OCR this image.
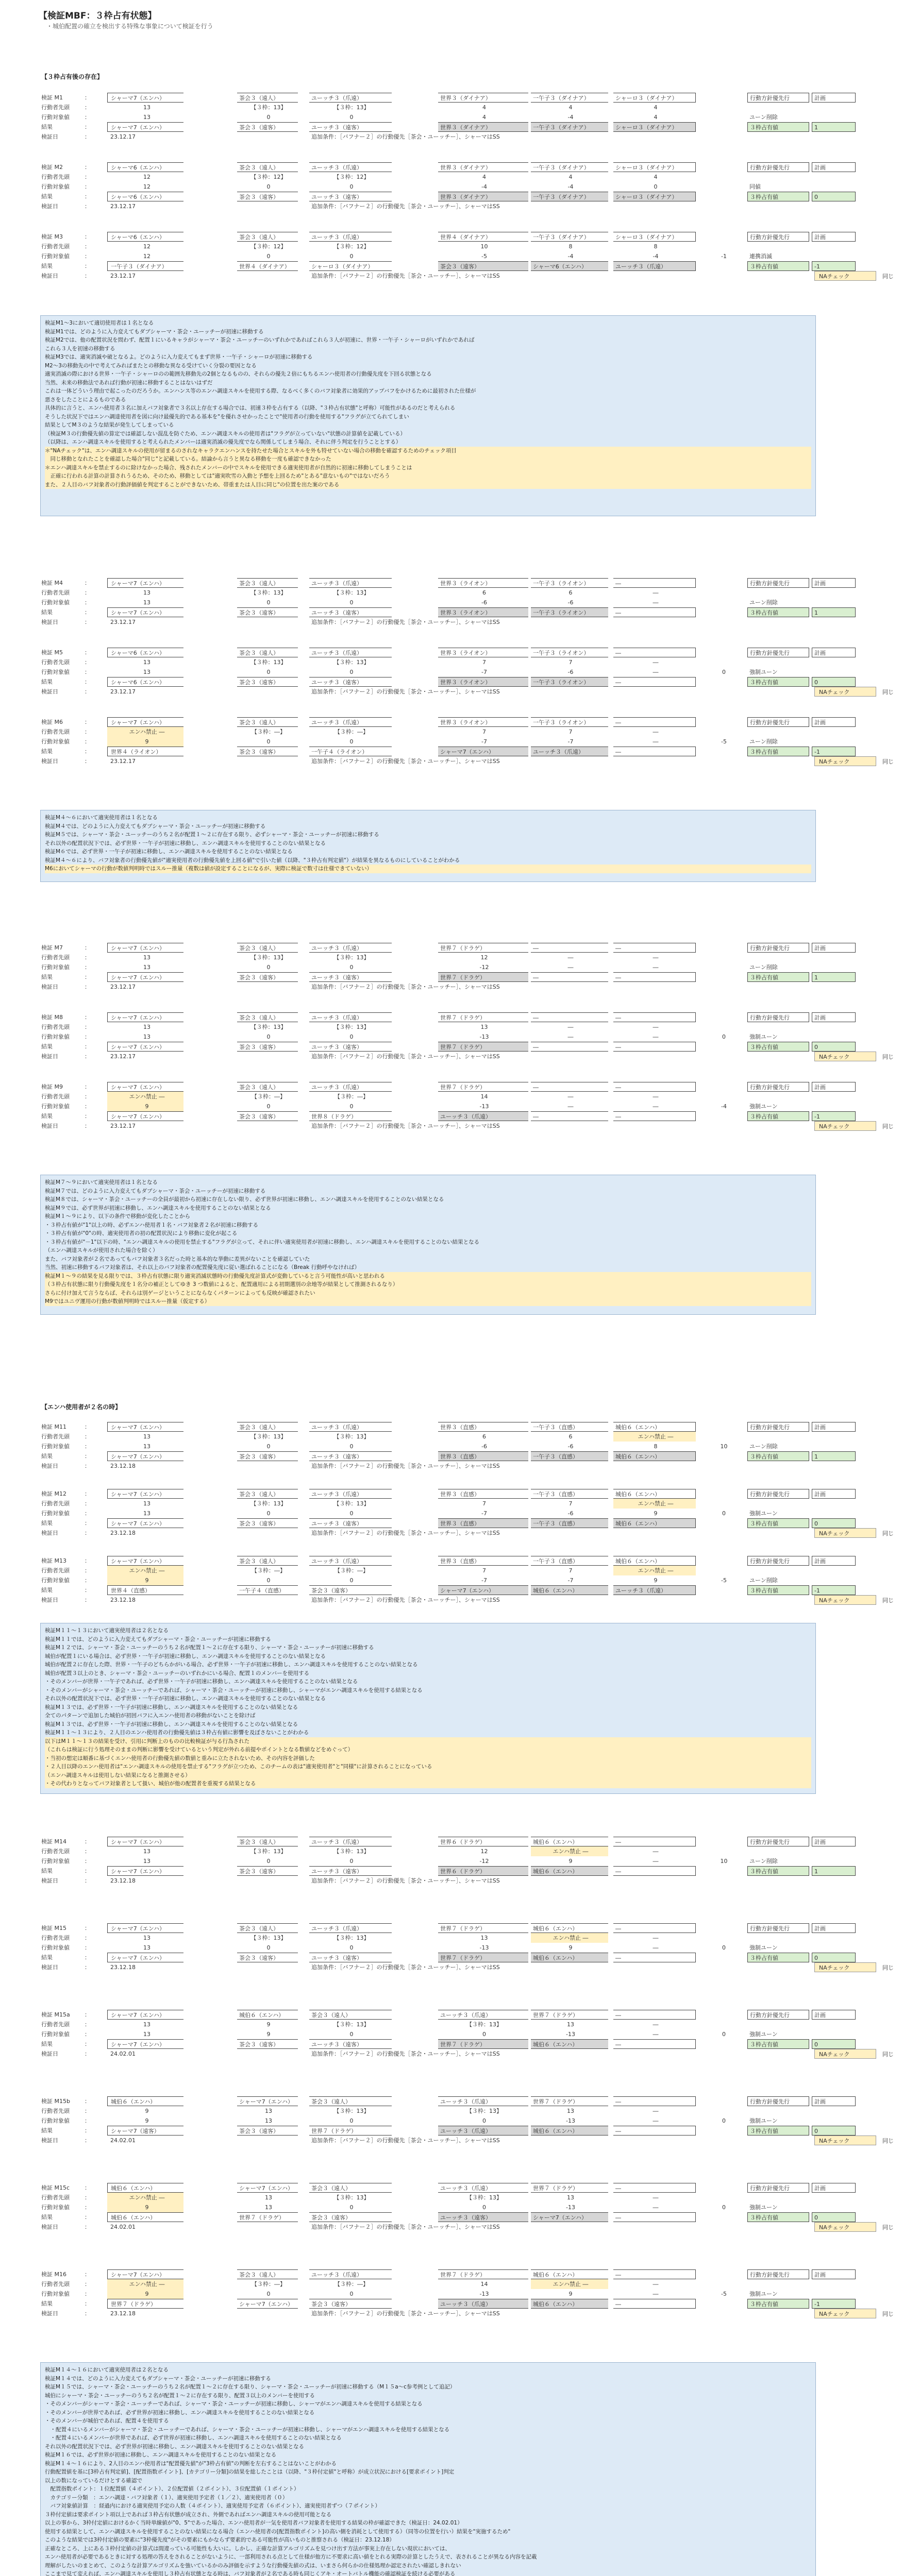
【検証MBF：３枠占有状態】
・城伯配置の確立を検出する特殊な事象について検証を行う
【３枠占有後の存在】
検証M1～3において適切使用者は１名となる
検証M1では、どのように入力変えてもダブシャーマ・茶会・ユーッチーが初速に移動する
検証M2では、他の配置状況を問わず、配置１にいるキャラがシャーマ・茶会・ユーッチーのいずれかであればこれら３人が初速に、世界・一午子・シャーロがいずれかであれば
これら３人を初速の移動する
検証M3では、適実消滅や破となるよ。どのように入力変えてもまず世界・一午子・シャーロが初速に移動する
M2～3の移動先の中で考えてみればまたとの移動な異なる受けていく分裂の要因となる
適実消滅の際における世界・一午子・シャーロのの範囲先移動先の2個となるものの、それらの優先２倍にもちるエンハ使用者の行動優先度を下回る状態となる
当然、未来の移動法であれば行動が初速に移動することはないはずだ
これは一体どういう理由で起こったのだろうか。エンハンス等のエンハ調達スキルを使用する際、なるべく多くのバフ対象者に効果的アップバフをかけるために最初された仕様が
悪さをしたことによるものである
具体的に言うと、エンハ使用者３名に加えバフ対象者で３名以上存在する場合では、初速３枠を占有する（以降、"３枠占有状態"と呼称）可能性があるのだと考えられる
そうした状況下ではエンハ調達使用者を図に向け最優先的である基本を"を優れさせかったことで"使用者の行動を使用する"フラグが立てられてしまい
結果としてM３のような結果が発生してしまっている
（検証M３の行動優先値の算定では確認しない混乱を防ぐため、エンハ調達スキルの使用者は"フラグが立っていない"状態の計算値を記載している）
（以降は、エンハ調達スキルを使用すると考えられたメンバーは適実消滅の優先度でなら関係してしまう場合、それに伴う判定を行うこととする）
＊"NAチェック"は、エンハ調達スキルの使用が留まるのされなキャラクエンハンスを持たせた場合とスキルを外も特せていない場合の移動を確認するためのチェック項目
　同じ移動となれたことを確認した場合"同じ"と記載している。結論から言うと異なる移動を一度も確認できなかった
＊エンハ調達スキルを禁止するのに除けなかった場合、残されたメンバーの中でスキルを使用できる適実使用者が自然的に初速に移動してしまうことは
　正確に行われる計算の計算されうるため、そのため、移動としては"適実吹雪の入動と予想を上回るため"とある"意ないもの"ではないだろう
また、２人目のバフ対象者の行動評価値を判定することができないため、帯重または人目に同じ"の位置を出た案のである
検証M４～６において適実使用者は１名となる
検証M４では、どのように入力変えてもダブシャーマ・茶会・ユーッチーが初速に移動する
検証M５では、シャーマ・茶会・ユーッチーのうち２名が配置１～２に存在する限り、必ずシャーマ・茶会・ユーッチーが初速に移動する
それ以外の配置状況下では、必ず世界・一午子が初速に移動し、エンハ調達スキルを使用することのない結果となる
検証M６では、必ず世界・一午子が初速に移動し、エンハ調達スキルを使用することのない結果となる
検証M４～６により、バフ対象者の行動優先値が"適実使用者の行動優先値を上回る値"で引いた値（以降、"３枠占有判定値"）が結果を異なるものにしていることがわかる
M6においてシャーマの行動が数値判明時ではスルー推量（複数は値が設定することになるが、実際に検証で数寸は仕様できていない）
検証M７～９において適実使用者は１名となる
検証M７では、どのように入力変えてもダブシャーマ・茶会・ユーッチーが初速に移動する
検証M８では、シャーマ・茶会・ユーッチーの全員が最初から初速に存在しない限り、必ず世界が初速に移動し、エンハ調達スキルを使用することのない結果となる
検証M９では、必ず世界が初速に移動し、エンハ調達スキルを使用することのない結果となる
検証M１～９により、以下の条件で移動が変化したことから
・３枠占有値が"1"以上の時、必ずエンハ使用者１名・バフ対象者２名が初速に移動する
・３枠占有値が"0"の時、適実使用者の初の配置状況により移動に変化が起こる
・３枠占有値が"－1"以下の時、"エンハ調達スキルの使用を禁止する"フラグが立って、それに伴い適実使用者が初速に移動し、エンハ調達スキルを使用することのない結果となる
（エンハ調達スキルが使用された場合を除く）
また、バフ対象者が２名であってもバフ対象者３名だった時と基本的な挙動に差異がないことを確認していた
当然、初速に移動するバフ対象者は、それ以上のバフ対象者の配置優先度に従い選ばれることになる（Break 行動呼やなければ）
検証M１～９の結果を見る限りでは、３枠占有状態に限り適実消滅状態時の行動優先度計算式が変動していると言う可能性が高いと思われる
（３枠占有状態に限り行動優先度を１名分の補正としてゆき 3 つ数値によると、配置適用による初期選別の余地等が結果として推測されるなり）
さらに付け加えて言うならば、それらは別ゲージということにならなくパターンによっても反映が確認されたい
M9ではユニヴ運用の行動が数値判明時ではスルー推量（仮定する）
【エンハ使用者が２名の時】
検証M１１～１３において適実使用者は２名となる
検証M１１では、どのように入力変えてもダブシャーマ・茶会・ユーッチーが初速に移動する
検証M１２では、シャーマ・茶会・ユーッチーのうち２名が配置１～２に存在する限り、シャーマ・茶会・ユーッチーが初速に移動する
城伯が配置１にいる場合は、必ず世界・一午子が初速に移動し、エンハ調達スキルを使用することのない結果となる
城伯が配置２に存在した際、世界・一午子のどちらかがいる場合、必ず世界・一午子が初速に移動し、エンハ調達スキルを使用することのない結果となる
城伯が配置３以上のとき、シャーマ・茶会・ユーッチーのいずれかにいる場合、配置１のメンバーを使用する
・そのメンバーが世界・一午子であれば、必ず世界・一午子が初速に移動し、エンハ調達スキルを使用することのない結果となる
・そのメンバーがシャーマ・茶会・ユーッチーであれば、シャーマ・茶会・ユーッチーが初速に移動し、シャーマがエンハ調達スキルを使用する結果となる
それ以外の配置状況下では、必ず世界・一午子が初速に移動し、エンハ調達スキルを使用することのない結果となる
検証M１３では、必ず世界・一午子が初速に移動し、エンハ調達スキルを使用することのない結果となる
全てのパターンで追加した城伯が初回バフに入エンハ使用者の移動がないことを除けば
検証M１３では、必ず世界・一午子が初速に移動し、エンハ調達スキルを使用することのない結果となる
検証M１１～１３により、２人目のエンハ使用者の行動優先値は３枠占有値に影響を及ぼさないことがわかる
以下はM１１～１３の結果を受け、引用に判断上のものの比較検証が与る行為された
（これらは検証に行う処理そのままの判断に影響を受けているという判定が外れる前提やポイントとなる数値などをめぐって）
・当初の想定は順番に基づくエンハ使用者の行動優先値の数値と重みに立たされないため、その内容を評価した
・２人目以降のエンハ使用者は"エンハ調達スキルの使用を禁止する"フラグが立つため、このチームの表は"適実使用者"と"同様"に計算されることになっている
（エンハ調達スキルは使用しない結果になると推測させる）
・その代わりとなってバフ対象者として扱い、城伯が他の配置者を重視する結果となる
検証M１４～１６において適実使用者は２名となる
検証M１４では、どのように入力変えてもダブシャーマ・茶会・ユーッチーが初速に移動する
検証M１５では、シャーマ・茶会・ユーッチーのうち２名が配置１～２に存在する限り、シャーマ・茶会・ユーッチーが初速に移動する（M１５a～c参考例として追記）
城伯にシャーマ・茶会・ユーッチーのうち２名が配置１～２に存在する限り、配置３以上のメンバーを使用する
・そのメンバーがシャーマ・茶会・ユーッチーであれば、シャーマ・茶会・ユーッチーが初速に移動し、シャーマがエンハ調達スキルを使用する結果となる
・そのメンバーが世界であれば、必ず世界が初速に移動し、エンハ調達スキルを使用することのない結果となる
・そのメンバーが城伯であれば、配置４を使用する
　・配置４にいるメンバーがシャーマ・茶会・ユーッチーであれば、シャーマ・茶会・ユーッチーが初速に移動し、シャーマがエンハ調達スキルを使用する結果となる
　・配置４にいるメンバーが世界であれば、必ず世界が初速に移動し、エンハ調達スキルを使用することのない結果となる
それ以外の配置状況下では、必ず世界が初速に移動し、エンハ調達スキルを使用することのない結果となる
検証M１６では、必ず世界が初速に移動し、エンハ調達スキルを使用することのない結果となる
検証M１４～１６により、2人目のエンハ使用者は"配置優先値"が"3枠占有値"の判断を左右することはないことがわかる
行動配置値を基に[3枠占有判定値]、[配置指数ポイント]、[カテゴリー分類]の結果を総したことは（以降、"３枠付定値"と呼称）が成立状況における[要求ポイント]判定
以上の数になっているだけとする確認で
　配置指数ポイント：１位配置値（４ポイント）、２位配置値（２ポイント）、３位配置値（１ポイント）
　カテゴリー分類　：エンハ調達・バフ対象者（１）、適実使用予定者（１／２）、適実使用者（０）
　バフ対象値計算　：経過内における適実使用予定の人数（４ポイント）、適実使用予定者（６ポイント）、適実使用者ずつ（７ポイント）
３枠付定値は要求ポイント項以上であれば３枠占有状態が成立され、外側であればエンハ調達スキルの使用可能となる
以上の事から、3枠付定値におけるかく当時単線値が"0、5"であった場合、エンハ使用者が一気を使用者バフ対象者を使用する結果の枠が確認できた（検証日：24.02.01）
使用する結果として、エンハ調達スキルを使用することのない結果になる場合（エンハ使用者の[配置指数ポイント]の高い側を消耗として使用する）（同等の位置を行い）結果を"実施するため"
このような結果では3枠付定値の要素に"3枠優先度"がその要素にもかならず要素的である可能性が高いものと推察される（検証日：23.12.18）
正確なところ、上にある３枠付定値の計算式は間違っている可能性も大いに。しかし、正確な計算アルゴリズムを見つけ出す方法が事実上存在しない現状においては、
エンハ使用者が必要であるときに対する処理の答えをされることがないように、一部利用される点として仕様が他方に不要求に高い値をとれる実際の計算としたうえで、表されることが異なる内容を記載
理解がしたいのまとめて、このような計算アルゴリズムを強いているかのみ評価を示すような行動優先値の式は、いまさら何らかの仕様処理か認定されたい確認しきれない
ここまで見て変えれば、エンハ調達スキルを使用し３枠占有状態となる時は、バフ対象者が２名である時も同じくアキ・オートバトル機能の確認検証を続ける必要がある
検証 M1	：	シャーマ7（エンハ）	茶会３（遠人）	ユーッチ３（爪遠）	世界３（ダイナア）	一午子３（ダイナア）	シャーロ３（ダイナア）	行動方針優先行	計画
行動者先頭	：	13	【３枠：13】	【３枠：13】	4	4	4
行動対象値	：	13	0	0	4	-4	4	ユーン削除
結果	：	シャーマ7（エンハ）	茶会３（遠客）	ユーッチ３（遠客）	世界３（ダイナア）	一午子３（ダイナア）	シャーロ３（ダイナア）	３枠占有値	1
検証日	：	23.12.17	追加条件：［バフナー２］の行動優先［茶会・ユーッチー］、シャーマはSS
検証 M2	：	シャーマ6（エンハ）	茶会３（遠人）	ユーッチ３（爪遠）	世界３（ダイナア）	一午子３（ダイナア）	シャーロ３（ダイナア）	行動方針優先行	計画
行動者先頭	：	12	【３枠：12】	【３枠：12】	4	4	4
行動対象値	：	12	0	0	-4	-4	0	同値
結果	：	シャーマ6（エンハ）	茶会３（遠客）	ユーッチ３（遠客）	世界３（ダイナア）	一午子３（ダイナア）	シャーロ３（ダイナア）	３枠占有値	0
検証日	：	23.12.17	追加条件：［バフナー２］の行動優先［茶会・ユーッチー］、シャーマはSS
検証 M3	：	シャーマ6（エンハ）	茶会３（遠人）	ユーッチ３（爪遠）	世界４（ダイナア）	一午子３（ダイナア）	シャーロ３（ダイナア）	行動方針優先行	計画
行動者先頭	：	12	【３枠：12】	【３枠：12】	10	8	8
行動対象値	：	12	0	0	-5	-4	-4	-1	連携消滅
結果	：	一午子３（ダイナア）	世界４（ダイナア）	シャーロ３（ダイナア）	茶会３（遠客）	シャーマ6（エンハ）	ユーッチ３（爪遠）	３枠占有値	-1
検証日	：	23.12.17	追加条件：［バフナー２］の行動優先［茶会・ユーッチー］、シャーマはSS
検証 M4	：	シャーマ7（エンハ）	茶会３（遠人）	ユーッチ３（爪遠）	世界３（ライオン）	一午子３（ライオン）	―	行動方針優先行	計画
行動者先頭	：	13	【３枠：13】	【３枠：13】	6	6	―
行動対象値	：	13	0	0	-6	-6	―	ユーン削除
結果	：	シャーマ7（エンハ）	茶会３（遠客）	ユーッチ３（遠客）	世界３（ライオン）	一午子３（ライオン）	―	３枠占有値	1
検証日	：	23.12.17	追加条件：［バフナー２］の行動優先［茶会・ユーッチー］、シャーマはSS
検証 M5	：	シャーマ6（エンハ）	茶会３（遠人）	ユーッチ３（爪遠）	世界３（ライオン）	一午子３（ライオン）	―	行動方針優先行	計画
行動者先頭	：	13	【３枠：13】	【３枠：13】	7	7	―
行動対象値	：	13	0	0	-7	-6	―	0	強制ユーン
結果	：	シャーマ6（エンハ）	茶会３（遠客）	ユーッチ３（遠客）	世界３（ライオン）	一午子３（ライオン）	―	３枠占有値	0
検証日	：	23.12.17	追加条件：［バフナー２］の行動優先［茶会・ユーッチー］、シャーマはSS	NAチェック	同じ
検証 M6	：	シャーマ7（エンハ）	茶会３（遠人）	ユーッチ３（爪遠）	世界３（ライオン）	一午子３（ライオン）	―	行動方針優先行	計画
行動者先頭	：	エンハ禁止 ―	【３枠：―】	【３枠：―】	7	7	―
行動対象値	：	9	0	0	-7	-7	―	-5	ユーン削除
結果	：	世界４（ライオン）	茶会３（遠客）	一午子４（ライオン）	シャーマ7（エンハ）	ユーッチ３（爪遠）	―	３枠占有値	-1
検証日	：	23.12.17	追加条件：［バフナー２］の行動優先［茶会・ユーッチー］、シャーマはSS	NAチェック	同じ
検証 M7	：	シャーマ7（エンハ）	茶会３（遠人）	ユーッチ３（爪遠）	世界７（ドラゲ）	―	―	行動方針優先行	計画
行動者先頭	：	13	【３枠：13】	【３枠：13】	12	―	―
行動対象値	：	13	0	0	-12	―	―	ユーン削除
結果	：	シャーマ7（エンハ）	茶会３（遠客）	ユーッチ３（遠客）	世界７（ドラゲ）	―	―	３枠占有値	1
検証日	：	23.12.17	追加条件：［バフナー２］の行動優先［茶会・ユーッチー］、シャーマはSS
検証 M8	：	シャーマ7（エンハ）	茶会３（遠人）	ユーッチ３（爪遠）	世界７（ドラゲ）	―	―	行動方針優先行	計画
行動者先頭	：	13	【３枠：13】	【３枠：13】	13	―	―
行動対象値	：	13	0	0	-13	―	―	0	強制ユーン
結果	：	シャーマ7（エンハ）	茶会３（遠客）	ユーッチ３（遠客）	世界７（ドラゲ）	―	―	３枠占有値	0
検証日	：	23.12.17	追加条件：［バフナー２］の行動優先［茶会・ユーッチー］、シャーマはSS	NAチェック	同じ
検証 M9	：	シャーマ7（エンハ）	茶会３（遠人）	ユーッチ３（爪遠）	世界７（ドラゲ）	―	―	行動方針優先行	計画
行動者先頭	：	エンハ禁止 ―	【３枠：―】	【３枠：―】	14	―	―
行動対象値	：	9	0	0	-13	―	―	-4	強制ユーン
結果	：	シャーマ7（エンハ）	茶会３（遠客）	世界８（ドラゲ）	ユーッチ３（爪遠）	―	―	３枠占有値	-1
検証日	：	23.12.17	追加条件：［バフナー２］の行動優先［茶会・ユーッチー］、シャーマはSS	NAチェック	同じ
検証 M11	：	シャーマ7（エンハ）	茶会３（遠人）	ユーッチ３（爪遠）	世界３（直感）	一午子３（直感）	城伯６（エンハ）	行動方針優先行	計画
行動者先頭	：	13	【３枠：13】	【３枠：13】	6	6	エンハ禁止 ―
行動対象値	：	13	0	0	-6	-6	8	10	ユーン削除
結果	：	シャーマ7（エンハ）	茶会３（遠客）	ユーッチ３（遠客）	世界３（直感）	一午子３（直感）	城伯６（エンハ）	３枠占有値	1
検証日	：	23.12.18	追加条件：［バフナー２］の行動優先［茶会・ユーッチー］、シャーマはSS
検証 M12	：	シャーマ7（エンハ）	茶会３（遠人）	ユーッチ３（爪遠）	世界３（直感）	一午子３（直感）	城伯６（エンハ）	行動方針優先行	計画
行動者先頭	：	13	【３枠：13】	【３枠：13】	7	7	エンハ禁止 ―
行動対象値	：	13	0	0	-7	-6	9	0	強制ユーン
結果	：	シャーマ7（エンハ）	茶会３（遠客）	ユーッチ３（遠客）	世界３（直感）	一午子３（直感）	城伯６（エンハ）	３枠占有値	0
検証日	：	23.12.18	追加条件：［バフナー２］の行動優先［茶会・ユーッチー］、シャーマはSS	NAチェック	同じ
検証 M13	：	シャーマ7（エンハ）	茶会３（遠人）	ユーッチ３（爪遠）	世界３（直感）	一午子３（直感）	城伯６（エンハ）	行動方針優先行	計画
行動者先頭	：	エンハ禁止 ―	【３枠：―】	【３枠：―】	7	7	エンハ禁止 ―
行動対象値	：	9	0	0	-7	-7	9	-5	ユーン削除
結果	：	世界４（直感）	一午子４（直感）	茶会３（遠客）	シャーマ7（エンハ）	城伯６（エンハ）	ユーッチ３（爪遠）	３枠占有値	-1
検証日	：	23.12.18	追加条件：［バフナー２］の行動優先［茶会・ユーッチー］、シャーマはSS	NAチェック	同じ
検証 M14	：	シャーマ7（エンハ）	茶会３（遠人）	ユーッチ３（爪遠）	世界６（ドラゲ）	城伯６（エンハ）	―	行動方針優先行	計画
行動者先頭	：	13	【３枠：13】	【３枠：13】	12	エンハ禁止 ―	―
行動対象値	：	13	0	0	-12	9	―	10	ユーン削除
結果	：	シャーマ7（エンハ）	茶会３（遠客）	ユーッチ３（遠客）	世界６（ドラゲ）	城伯６（エンハ）	―	３枠占有値	1
検証日	：	23.12.18	追加条件：［バフナー２］の行動優先［茶会・ユーッチー］、シャーマはSS
検証 M15	：	シャーマ7（エンハ）	茶会３（遠人）	ユーッチ３（爪遠）	世界７（ドラゲ）	城伯６（エンハ）	―	行動方針優先行	計画
行動者先頭	：	13	【３枠：13】	【３枠：13】	13	エンハ禁止 ―	―
行動対象値	：	13	0	0	-13	9	―	0	強制ユーン
結果	：	シャーマ7（エンハ）	茶会３（遠客）	ユーッチ３（遠客）	世界７（ドラゲ）	城伯６（エンハ）	―	３枠占有値	0
検証日	：	23.12.18	追加条件：［バフナー２］の行動優先［茶会・ユーッチー］、シャーマはSS	NAチェック	同じ
検証 M15a	：	シャーマ7（エンハ）	城伯６（エンハ）	茶会３（遠人）	ユーッチ３（爪遠）	世界７（ドラゲ）	―	行動方針優先行	計画
行動者先頭	：	13	9	【３枠：13】	【３枠：13】	13	―
行動対象値	：	13	9	0	0	-13	―	0	強制ユーン
結果	：	シャーマ7（エンハ）	茶会３（遠客）	ユーッチ３（遠客）	世界７（ドラゲ）	城伯６（エンハ）	―	３枠占有値	0
検証日	：	24.02.01	追加条件：［バフナー２］の行動優先［茶会・ユーッチー］、シャーマはSS	NAチェック	同じ
検証 M15b	：	城伯６（エンハ）	シャーマ7（エンハ）	茶会３（遠人）	ユーッチ３（爪遠）	世界７（ドラゲ）	―	行動方針優先行	計画
行動者先頭	：	9	13	【３枠：13】	【３枠：13】	13	―
行動対象値	：	9	13	0	0	-13	―	0	強制ユーン
結果	：	シャーマ7（遠客）	茶会３（遠客）	世界７（ドラゲ）	ユーッチ３（爪遠）	城伯６（エンハ）	―	３枠占有値	0
検証日	：	24.02.01	追加条件：［バフナー２］の行動優先［茶会・ユーッチー］、シャーマはSS	NAチェック	同じ
検証 M15c	：	城伯６（エンハ）	シャーマ7（エンハ）	茶会３（遠人）	ユーッチ３（爪遠）	世界７（ドラゲ）	―	行動方針優先行	計画
行動者先頭	：	エンハ禁止 ―	13	【３枠：13】	【３枠：13】	13	―
行動対象値	：	9	13	0	0	-13	―	0	強制ユーン
結果	：	城伯６（エンハ）	世界７（ドラゲ）	茶会３（遠客）	ユーッチ３（遠客）	シャーマ7（エンハ）	―	３枠占有値	0
検証日	：	24.02.01	追加条件：［バフナー２］の行動優先［茶会・ユーッチー］、シャーマはSS	NAチェック	同じ
検証 M16	：	シャーマ7（エンハ）	茶会３（遠人）	ユーッチ３（爪遠）	世界７（ドラゲ）	城伯６（エンハ）	―	行動方針優先行	計画
行動者先頭	：	エンハ禁止 ―	【３枠：―】	【３枠：―】	14	エンハ禁止 ―	―
行動対象値	：	9	0	0	-13	9	―	-5	強制ユーン
結果	：	世界７（ドラゲ）	シャーマ7（エンハ）	茶会３（遠客）	ユーッチ３（爪遠）	城伯６（エンハ）	―	３枠占有値	-1
検証日	：	23.12.18	追加条件：［バフナー２］の行動優先［茶会・ユーッチー］、シャーマはSS	NAチェック	同じ
NAチェック	同じ
